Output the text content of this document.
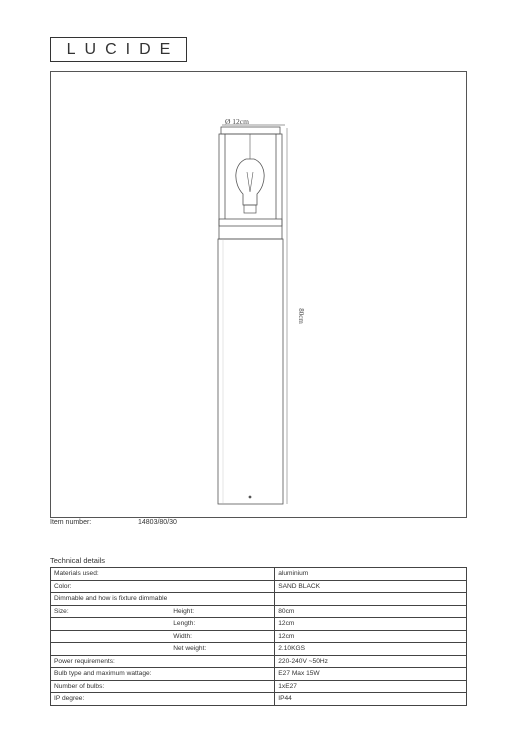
LUCIDE
Ø 12cm
80cm
Item number:	14803/80/30
Technical details
Materials used:		aluminium
Color:		SAND BLACK
Dimmable and how is fixture dimmable		
Size:	Height:	80cm
	Length:	12cm
	Width:	12cm
	Net weight:	2.10KGS
Power requirements:		220-240V ~50Hz
Bulb type and maximum wattage:		E27 Max 15W
Number of bulbs:		1xE27
IP degree:		IP44
